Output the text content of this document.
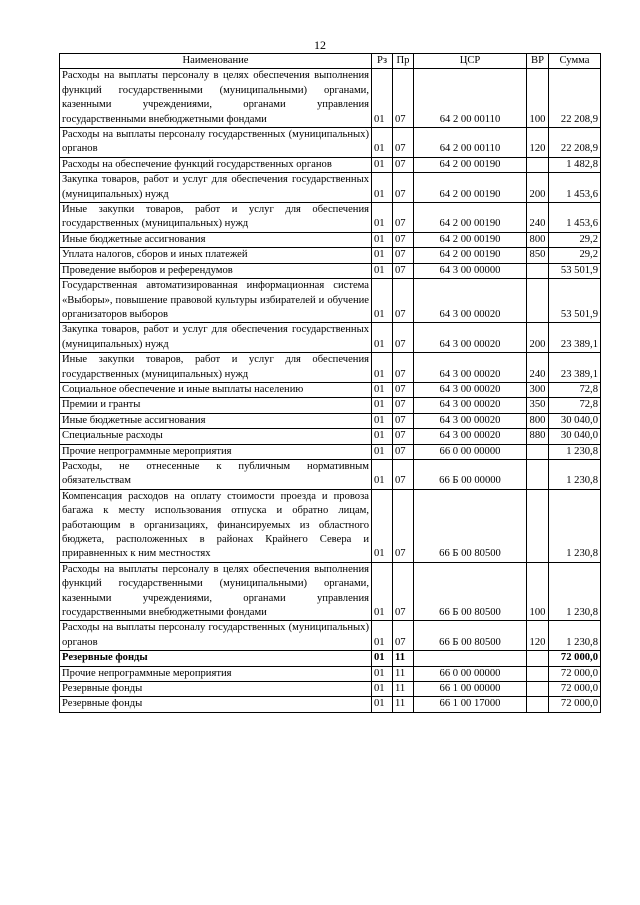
12
Наименование	Рз	Пр	ЦСР	ВР	Сумма
Расходы на выплаты персоналу в целях обеспечения выполнения функций государственными (муниципальными) органами, казенными учреждениями, органами управления государственными внебюджетными фондами	01	07	64 2 00 00110	100	22 208,9
Расходы на выплаты персоналу государственных (муниципальных) органов	01	07	64 2 00 00110	120	22 208,9
Расходы на обеспечение функций государственных органов	01	07	64 2 00 00190		1 482,8
Закупка товаров, работ и услуг для обеспечения государственных (муниципальных) нужд	01	07	64 2 00 00190	200	1 453,6
Иные закупки товаров, работ и услуг для обеспечения государственных (муниципальных) нужд	01	07	64 2 00 00190	240	1 453,6
Иные бюджетные ассигнования	01	07	64 2 00 00190	800	29,2
Уплата налогов, сборов и иных платежей	01	07	64 2 00 00190	850	29,2
Проведение выборов и референдумов	01	07	64 3 00 00000		53 501,9
Государственная автоматизированная информационная система «Выборы», повышение правовой культуры избирателей и обучение организаторов выборов	01	07	64 3 00 00020		53 501,9
Закупка товаров, работ и услуг для обеспечения государственных (муниципальных) нужд	01	07	64 3 00 00020	200	23 389,1
Иные закупки товаров, работ и услуг для обеспечения государственных (муниципальных) нужд	01	07	64 3 00 00020	240	23 389,1
Социальное обеспечение и иные выплаты населению	01	07	64 3 00 00020	300	72,8
Премии и гранты	01	07	64 3 00 00020	350	72,8
Иные бюджетные ассигнования	01	07	64 3 00 00020	800	30 040,0
Специальные расходы	01	07	64 3 00 00020	880	30 040,0
Прочие непрограммные мероприятия	01	07	66 0 00 00000		1 230,8
Расходы, не отнесенные к публичным нормативным обязательствам	01	07	66 Б 00 00000		1 230,8
Компенсация расходов на оплату стоимости проезда и провоза багажа к месту использования отпуска и обратно лицам, работающим в организациях, финансируемых из областного бюджета, расположенных в районах Крайнего Севера и приравненных к ним местностях	01	07	66 Б 00 80500		1 230,8
Расходы на выплаты персоналу в целях обеспечения выполнения функций государственными (муниципальными) органами, казенными учреждениями, органами управления государственными внебюджетными фондами	01	07	66 Б 00 80500	100	1 230,8
Расходы на выплаты персоналу государственных (муниципальных) органов	01	07	66 Б 00 80500	120	1 230,8
Резервные фонды	01	11			72 000,0
Прочие непрограммные мероприятия	01	11	66 0 00 00000		72 000,0
Резервные фонды	01	11	66 1 00 00000		72 000,0
Резервные фонды	01	11	66 1 00 17000		72 000,0
